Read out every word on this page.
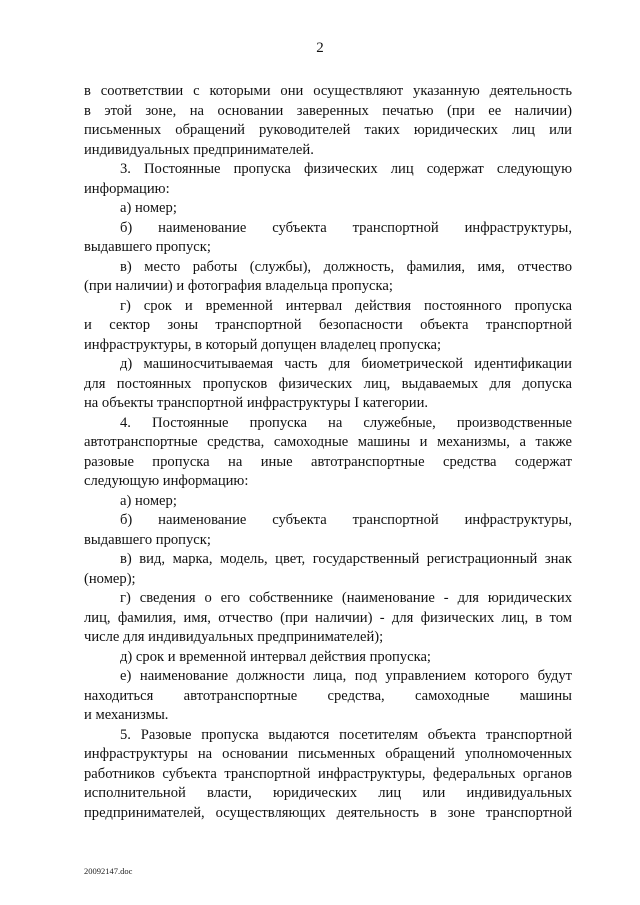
2

в соответствии с которыми они осуществляют указанную деятельность

в этой зоне, на основании заверенных печатью (при ее наличии)

письменных обращений руководителей таких юридических лиц или

индивидуальных предпринимателей.

3. Постоянные пропуска физических лиц содержат следующую

информацию:

а) номер;

б) наименование субъекта транспортной инфраструктуры,

выдавшего пропуск;

в) место работы (службы), должность, фамилия, имя, отчество

(при наличии) и фотография владельца пропуска;

г) срок и временной интервал действия постоянного пропуска

и сектор зоны транспортной безопасности объекта транспортной

инфраструктуры, в который допущен владелец пропуска;

д) машиносчитываемая часть для биометрической идентификации

для постоянных пропусков физических лиц, выдаваемых для допуска

на объекты транспортной инфраструктуры I категории.

4. Постоянные пропуска на служебные, производственные

автотранспортные средства, самоходные машины и механизмы, а также

разовые пропуска на иные автотранспортные средства содержат

следующую информацию:

а) номер;

б) наименование субъекта транспортной инфраструктуры,

выдавшего пропуск;

в) вид, марка, модель, цвет, государственный регистрационный знак

(номер);

г) сведения о его собственнике (наименование - для юридических

лиц, фамилия, имя, отчество (при наличии) - для физических лиц, в том

числе для индивидуальных предпринимателей);

д) срок и временной интервал действия пропуска;

е) наименование должности лица, под управлением которого будут

находиться автотранспортные средства, самоходные машины

и механизмы.

5. Разовые пропуска выдаются посетителям объекта транспортной

инфраструктуры на основании письменных обращений уполномоченных

работников субъекта транспортной инфраструктуры, федеральных органов

исполнительной власти, юридических лиц или индивидуальных

предпринимателей, осуществляющих деятельность в зоне транспортной

20092147.doc
